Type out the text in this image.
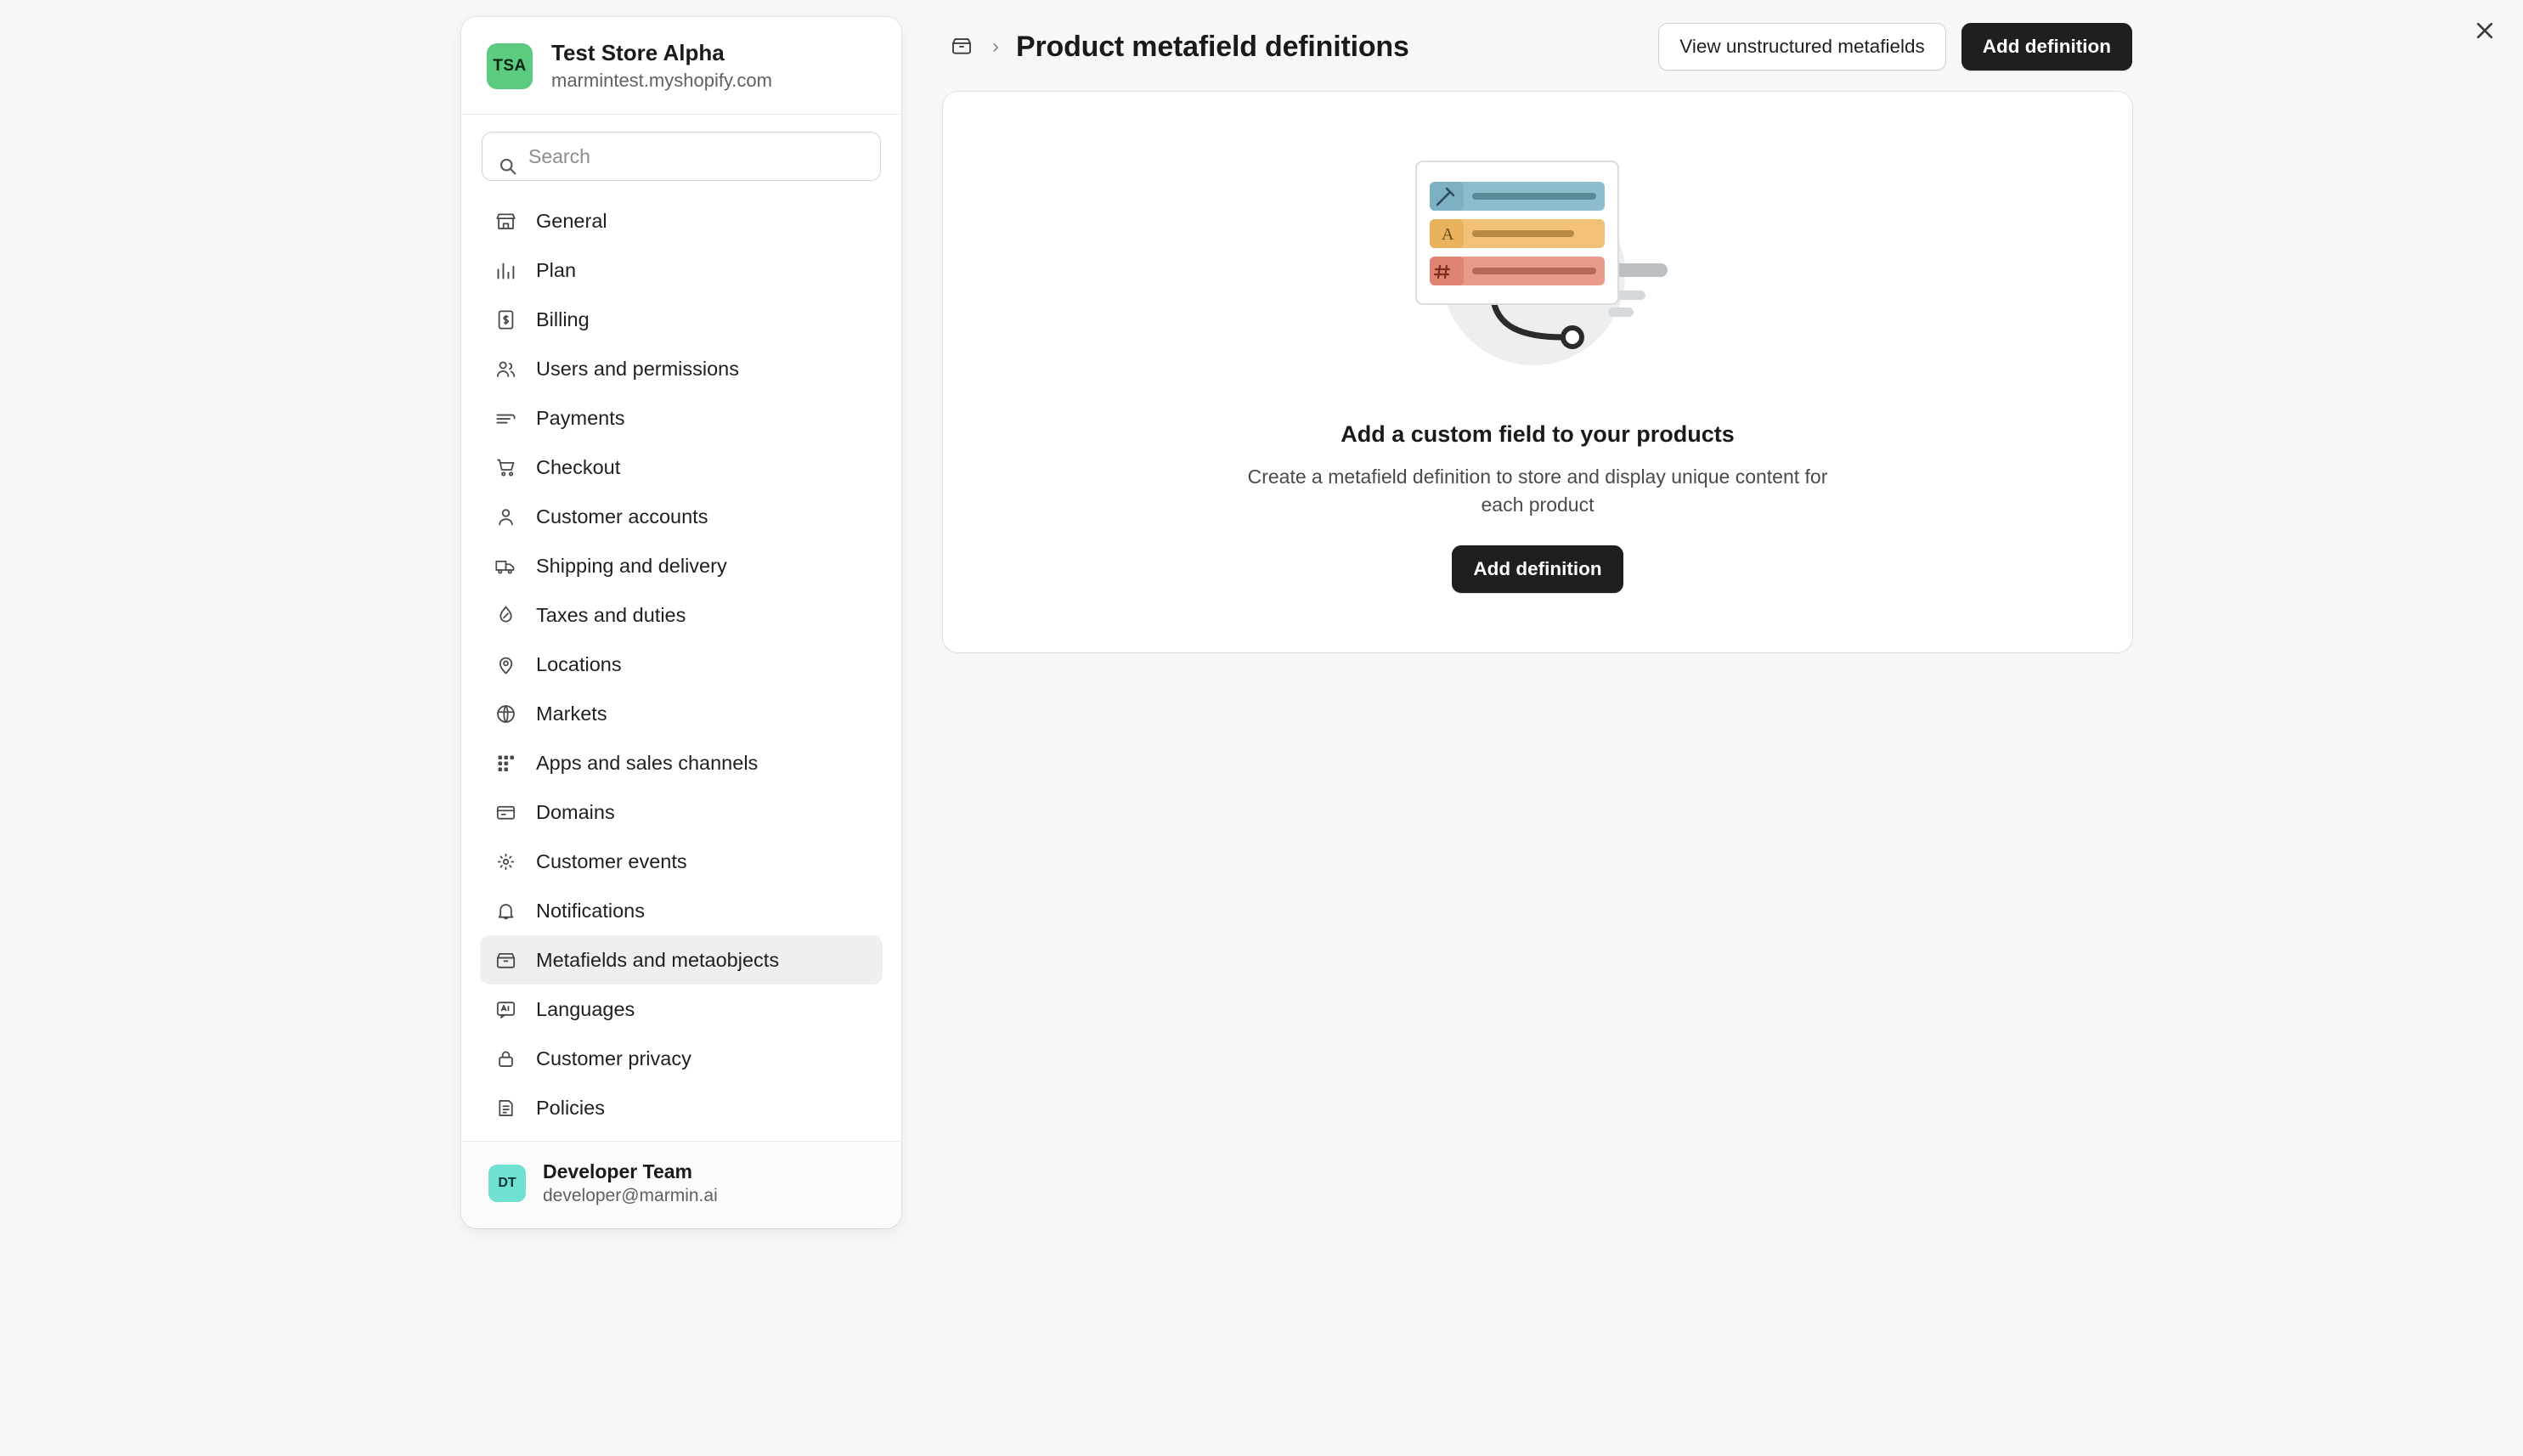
TSA
Test Store Alpha
marmintest.myshopify.com
Search
General
Plan
Billing
Users and permissions
Payments
Checkout
Customer accounts
Shipping and delivery
Taxes and duties
Locations
Markets
Apps and sales channels
Domains
Customer events
Notifications
Metafields and metaobjects
Languages
Customer privacy
Policies
DT
Developer Team
developer@marmin.ai
› Product metafield definitions	View unstructured metafields	Add definition
A
Add a custom field to your products
Create a metafield definition to store and display unique content for each product
Add definition
